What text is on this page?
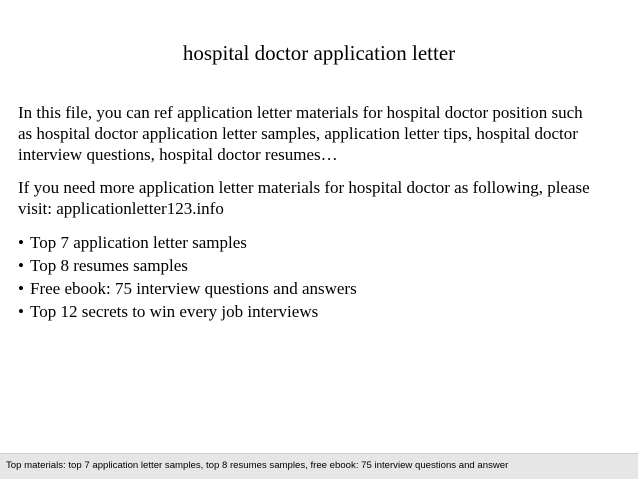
hospital doctor application letter

In this file, you can ref application letter materials for hospital doctor position such
as hospital doctor application letter samples, application letter tips, hospital doctor
interview questions, hospital doctor resumes…

If you need more application letter materials for hospital doctor as following, please
visit: applicationletter123.info

• Top 7 application letter samples
• Top 8 resumes samples
• Free ebook: 75 interview questions and answers
• Top 12 secrets to win every job interviews
Top materials: top 7 application letter samples, top 8 resumes samples, free ebook: 75 interview questions and answer
